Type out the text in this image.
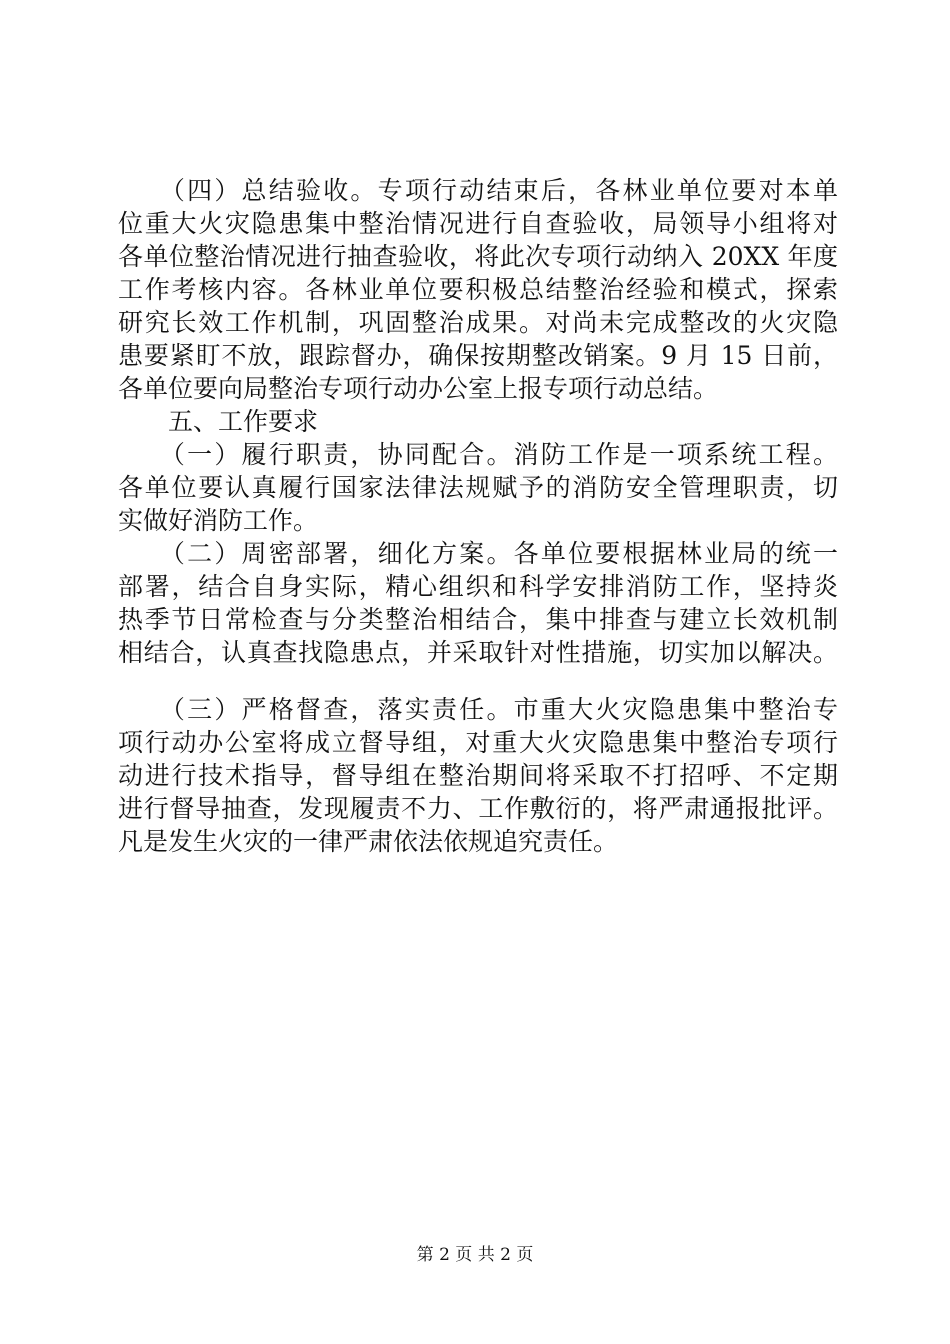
　　（四）总结验收。专项行动结束后，各林业单位要对本单
位重大火灾隐患集中整治情况进行自查验收，局领导小组将对
各单位整治情况进行抽查验收，将此次专项行动纳入 20XX 年度
工作考核内容。各林业单位要积极总结整治经验和模式，探索
研究长效工作机制，巩固整治成果。对尚未完成整改的火灾隐
患要紧盯不放，跟踪督办，确保按期整改销案。9 月 15 日前，
各单位要向局整治专项行动办公室上报专项行动总结。
　　五、工作要求
　　（一）履行职责，协同配合。消防工作是一项系统工程。
各单位要认真履行国家法律法规赋予的消防安全管理职责，切
实做好消防工作。
　　（二）周密部署，细化方案。各单位要根据林业局的统一
部署，结合自身实际，精心组织和科学安排消防工作，坚持炎
热季节日常检查与分类整治相结合，集中排查与建立长效机制
相结合，认真查找隐患点，并采取针对性措施，切实加以解决。
　　（三）严格督查，落实责任。市重大火灾隐患集中整治专
项行动办公室将成立督导组，对重大火灾隐患集中整治专项行
动进行技术指导，督导组在整治期间将采取不打招呼、不定期
进行督导抽查，发现履责不力、工作敷衍的，将严肃通报批评。
凡是发生火灾的一律严肃依法依规追究责任。
第 2 页 共 2 页
